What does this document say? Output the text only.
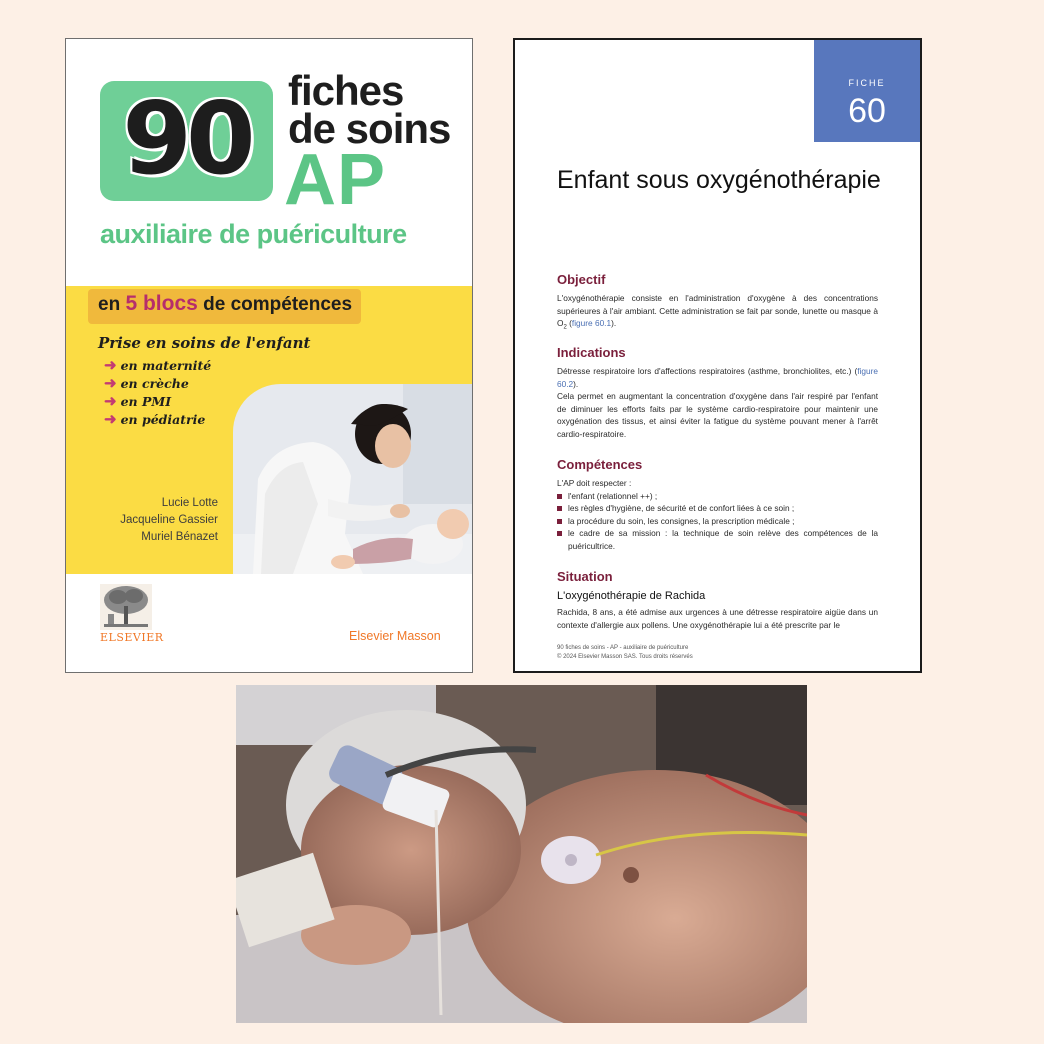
90 fiches
de soins
AP
auxiliaire de puériculture
en 5 blocs de compétences
Prise en soins de l'enfant
➜ en maternité
➜ en crèche
➜ en PMI
➜ en pédiatrie
Lucie Lotte
Jacqueline Gassier
Muriel Bénazet
ELSEVIER	Elsevier Masson
FICHE
60
Enfant sous oxygénothérapie
Objectif
L'oxygénothérapie consiste en l'administration d'oxygène à des concentrations supérieures à l'air ambiant. Cette administration se fait par sonde, lunette ou masque à $O_2$ (figure 60.1).
Indications
Détresse respiratoire lors d'affections respiratoires (asthme, bronchiolites, etc.) (figure 60.2).
Cela permet en augmentant la concentration d'oxygène dans l'air respiré par l'enfant de diminuer les efforts faits par le système cardio-respiratoire pour maintenir une oxygénation des tissus, et ainsi éviter la fatigue du système pouvant mener à l'arrêt cardio-respiratoire.
Compétences
L'AP doit respecter :
l'enfant (relationnel ++) ;
les règles d'hygiène, de sécurité et de confort liées à ce soin ;
la procédure du soin, les consignes, la prescription médicale ;
le cadre de sa mission : la technique de soin relève des compétences de la puéricultrice.
Situation
L'oxygénothérapie de Rachida
Rachida, 8 ans, a été admise aux urgences à une détresse respiratoire aigüe dans un contexte d'allergie aux pollens. Une oxygénothérapie lui a été prescrite par le
90 fiches de soins - AP - auxiliaire de puériculture
© 2024 Elsevier Masson SAS. Tous droits réservés
